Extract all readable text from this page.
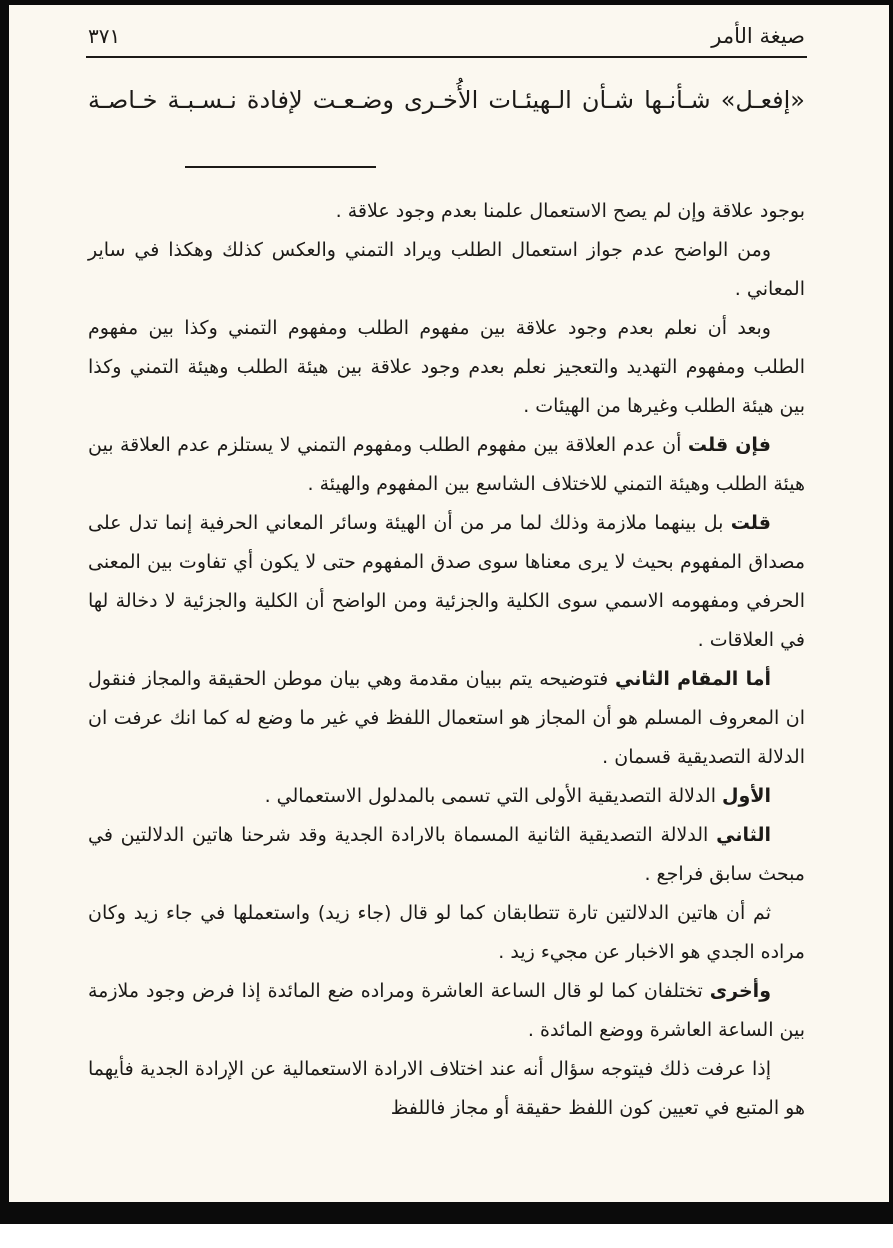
صيغة الأمر
٣٧١
«إفعـل» شـأنـها شـأن الـهيئـات الأُخـرى وضـعـت لإفادة نـسـبـة خـاصـة

بوجود علاقة وإن لم يصح الاستعمال علمنا بعدم وجود علاقة .

ومن الواضح عدم جواز استعمال الطلب ويراد التمني والعكس كذلك وهكذا في ساير المعاني .

وبعد أن نعلم بعدم وجود علاقة بين مفهوم الطلب ومفهوم التمني وكذا بين مفهوم الطلب ومفهوم التهديد والتعجيز نعلم بعدم وجود علاقة بين هيئة الطلب وهيئة التمني وكذا بين هيئة الطلب وغيرها من الهيئات .

فإن قلت أن عدم العلاقة بين مفهوم الطلب ومفهوم التمني لا يستلزم عدم العلاقة بين هيئة الطلب وهيئة التمني للاختلاف الشاسع بين المفهوم والهيئة .

قلت بل بينهما ملازمة وذلك لما مر من أن الهيئة وسائر المعاني الحرفية إنما تدل على مصداق المفهوم بحيث لا يرى معناها سوى صدق المفهوم حتى لا يكون أي تفاوت بين المعنى الحرفي ومفهومه الاسمي سوى الكلية والجزئية ومن الواضح أن الكلية والجزئية لا دخالة لها في العلاقات .

أما المقام الثاني فتوضيحه يتم ببيان مقدمة وهي بيان موطن الحقيقة والمجاز فنقول ان المعروف المسلم هو أن المجاز هو استعمال اللفظ في غير ما وضع له كما انك عرفت ان الدلالة التصديقية قسمان .

الأول الدلالة التصديقية الأولى التي تسمى بالمدلول الاستعمالي .

الثاني الدلالة التصديقية الثانية المسماة بالارادة الجدية وقد شرحنا هاتين الدلالتين في مبحث سابق فراجع .

ثم أن هاتين الدلالتين تارة تتطابقان كما لو قال (جاء زيد) واستعملها في جاء زيد وكان مراده الجدي هو الاخبار عن مجيء زيد .

وأخرى تختلفان كما لو قال الساعة العاشرة ومراده ضع المائدة إذا فرض وجود ملازمة بين الساعة العاشرة ووضع المائدة .

إذا عرفت ذلك فيتوجه سؤال أنه عند اختلاف الارادة الاستعمالية عن الإرادة الجدية فأيهما هو المتبع في تعيين كون اللفظ حقيقة أو مجاز فاللفظ
